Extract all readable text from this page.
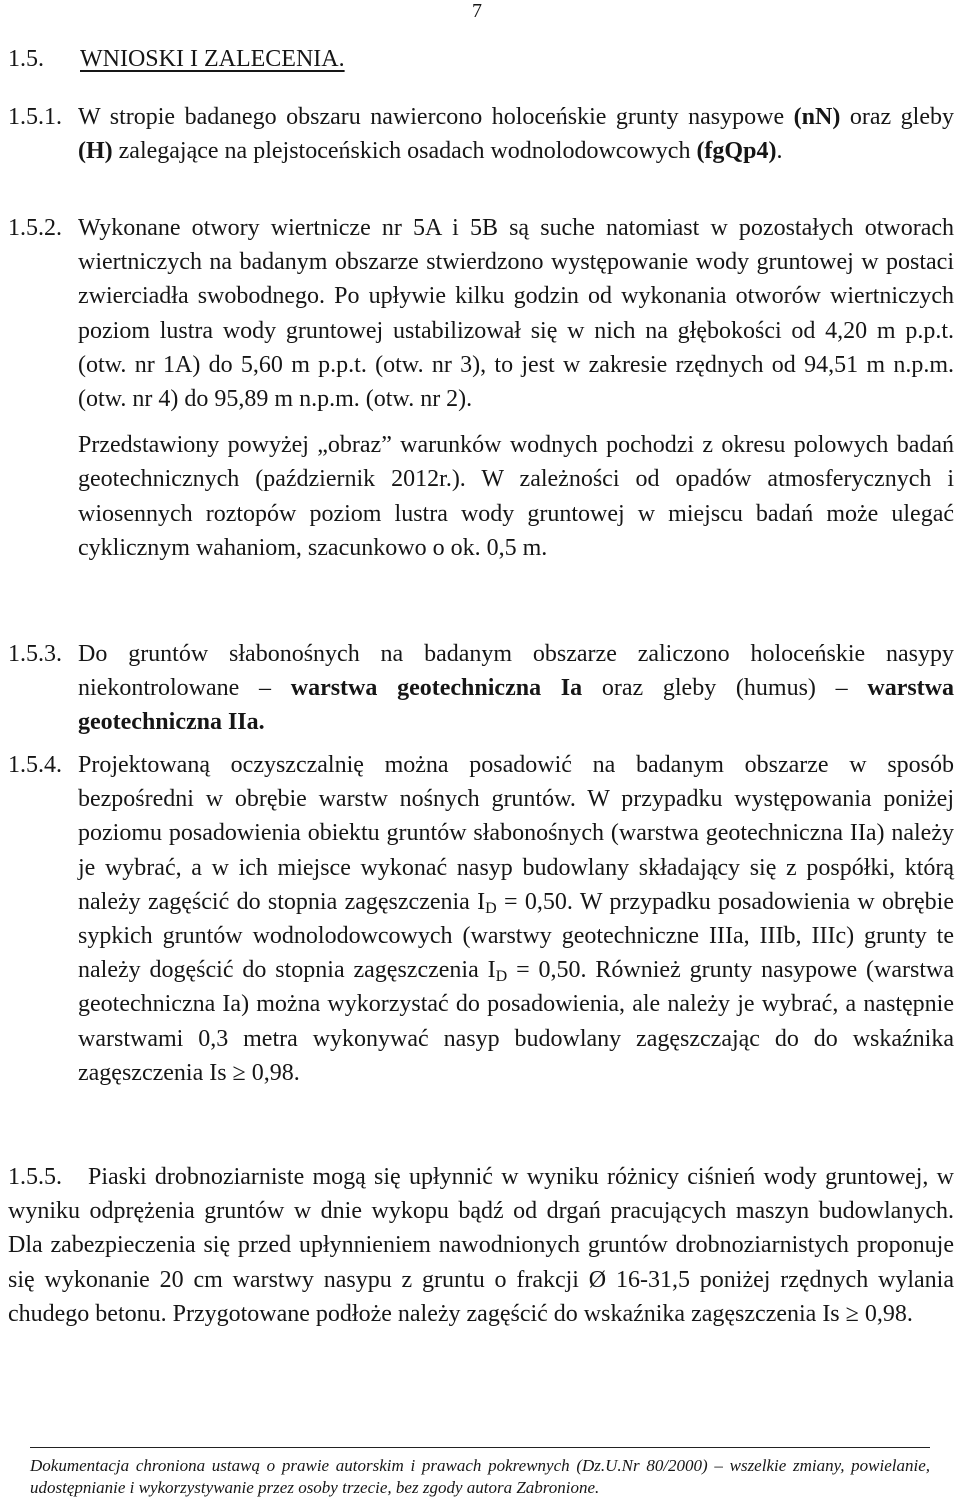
7
1.5. WNIOSKI I ZALECENIA.
1.5.1. W stropie badanego obszaru nawiercono holoceńskie grunty nasypowe (nN) oraz gleby (H) zalegające na plejstoceńskich osadach wodnolodowcowych (fgQp4).

1.5.2. Wykonane otwory wiertnicze nr 5A i 5B są suche natomiast w pozostałych otworach wiertniczych na badanym obszarze stwierdzono występowanie wody gruntowej w postaci zwierciadła swobodnego. Po upływie kilku godzin od wykonania otworów wiertniczych poziom lustra wody gruntowej ustabilizował się w nich na głębokości od 4,20 m p.p.t. (otw. nr 1A) do 5,60 m p.p.t. (otw. nr 3), to jest w zakresie rzędnych od 94,51 m n.p.m. (otw. nr 4) do 95,89 m n.p.m. (otw. nr 2).

Przedstawiony powyżej „obraz” warunków wodnych pochodzi z okresu polowych badań geotechnicznych (październik 2012r.). W zależności od opadów atmosferycznych i wiosennych roztopów poziom lustra wody gruntowej w miejscu badań może ulegać cyklicznym wahaniom, szacunkowo o ok. 0,5 m.

1.5.3. Do gruntów słabonośnych na badanym obszarze zaliczono holoceńskie nasypy niekontrolowane – warstwa geotechniczna Ia oraz gleby (humus) – warstwa geotechniczna IIa.

1.5.4. Projektowaną oczyszczalnię można posadowić na badanym obszarze w sposób bezpośredni w obrębie warstw nośnych gruntów. W przypadku występowania poniżej poziomu posadowienia obiektu gruntów słabonośnych (warstwa geotechniczna IIa) należy je wybrać, a w ich miejsce wykonać nasyp budowlany składający się z pospółki, którą należy zagęścić do stopnia zagęszczenia $I_D = 0,50$. W przypadku posadowienia w obrębie sypkich gruntów wodnolodowcowych (warstwy geotechniczne IIIa, IIIb, IIIc) grunty te należy dogęścić do stopnia zagęszczenia $I_D = 0,50$. Również grunty nasypowe (warstwa geotechniczna Ia) można wykorzystać do posadowienia, ale należy je wybrać, a następnie warstwami 0,3 metra wykonywać nasyp budowlany zagęszczając do do wskaźnika zagęszczenia Is ≥ 0,98.

1.5.5. Piaski drobnoziarniste mogą się upłynnić w wyniku różnicy ciśnień wody gruntowej, w wyniku odprężenia gruntów w dnie wykopu bądź od drgań pracujących maszyn budowlanych. Dla zabezpieczenia się przed upłynnieniem nawodnionych gruntów drobnoziarnistych proponuje się wykonanie 20 cm warstwy nasypu z gruntu o frakcji Ø 16-31,5 poniżej rzędnych wylania chudego betonu. Przygotowane podłoże należy zagęścić do wskaźnika zagęszczenia Is ≥ 0,98.

Dokumentacja chroniona ustawą o prawie autorskim i prawach pokrewnych (Dz.U.Nr 80/2000) – wszelkie zmiany, powielanie, udostępnianie i wykorzystywanie przez osoby trzecie, bez zgody autora Zabronione.
